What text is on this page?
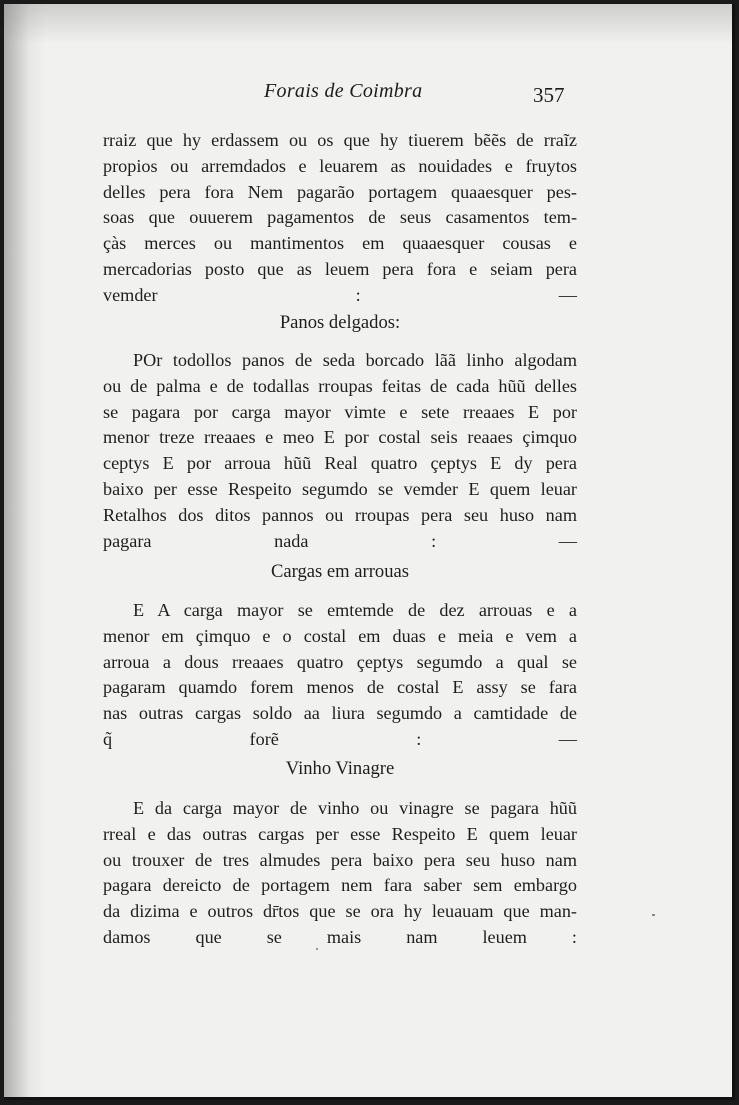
Forais de Coimbra	357
rraiz que hy erdassem ou os que hy tiuerem bẽẽs de rraĩz
propios ou arremdados e leuarem as nouidades e fruytos
delles pera fora Nem pagarão portagem quaaesquer pes-
soas que ouuerem pagamentos de seus casamentos tem-
çàs merces ou mantimentos em quaaesquer cousas e
mercadorias posto que as leuem pera fora e seiam pera
vemder : —
Panos delgados:
POr todollos panos de seda borcado lãã linho algodam
ou de palma e de todallas rroupas feitas de cada hũũ delles
se pagara por carga mayor vimte e sete rreaaes E por
menor treze rreaaes e meo E por costal seis reaaes çimquo
ceptys E por arroua hũũ Real quatro çeptys E dy pera
baixo per esse Respeito segumdo se vemder E quem leuar
Retalhos dos ditos pannos ou rroupas pera seu huso nam
pagara nada : —
Cargas em arrouas
E A carga mayor se emtemde de dez arrouas e a
menor em çimquo e o costal em duas e meia e vem a
arroua a dous rreaaes quatro çeptys segumdo a qual se
pagaram quamdo forem menos de costal E assy se fara
nas outras cargas soldo aa liura segumdo a camtidade de
q̃ forẽ : —
Vinho Vinagre
E da carga mayor de vinho ou vinagre se pagara hũũ
rreal e das outras cargas per esse Respeito E quem leuar
ou trouxer de tres almudes pera baixo pera seu huso nam
pagara dereicto de portagem nem fara saber sem embargo
da dizima e outros dr̄tos que se ora hy leuauam que man-
damos que se mais nam leuem :
